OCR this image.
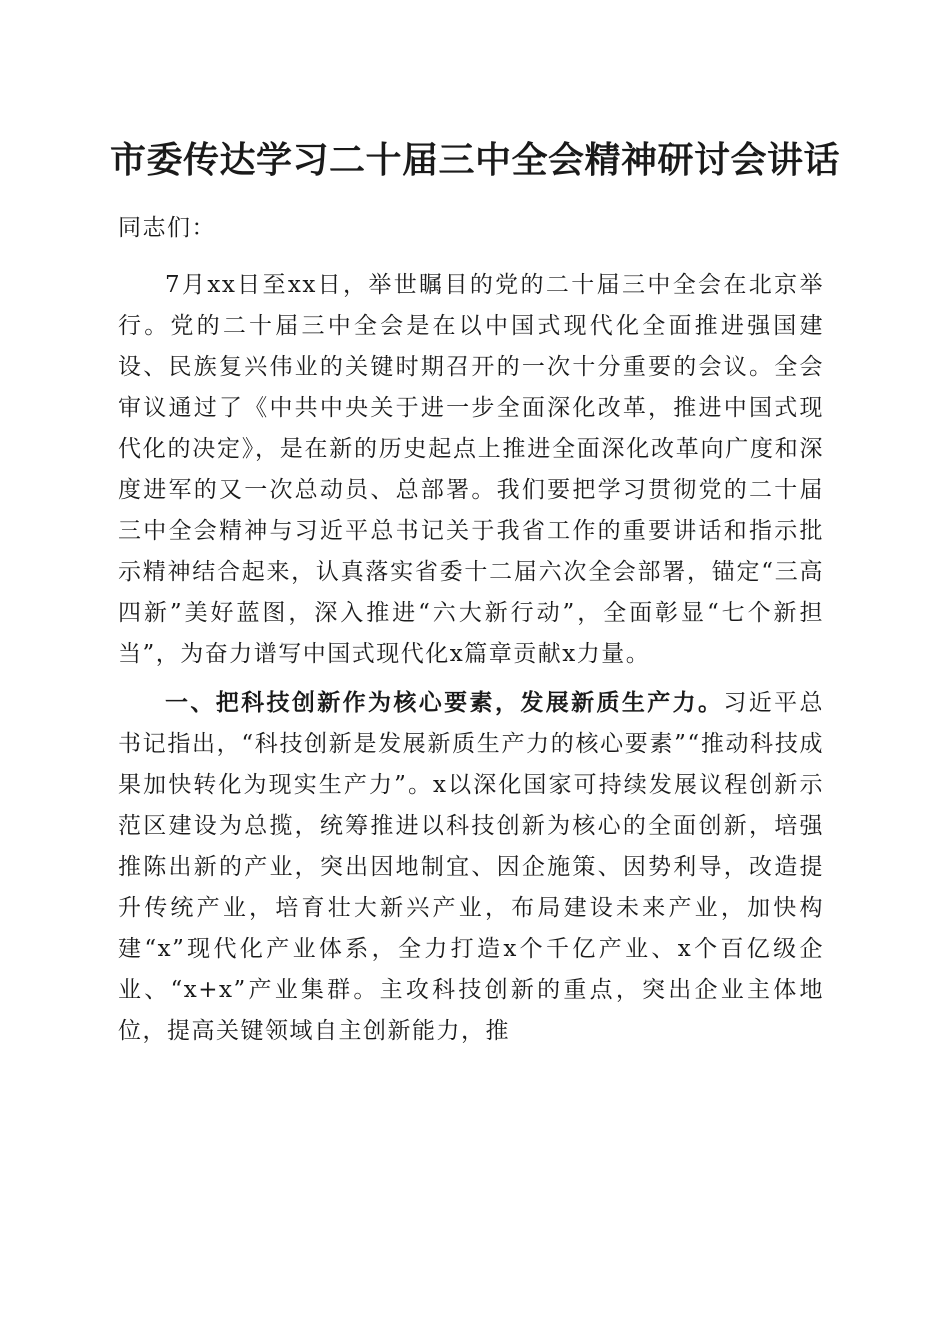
市委传达学习二十届三中全会精神研讨会讲话

同志们：

7月xx日至xx日，举世瞩目的党的二十届三中全会在北京举行。党的二十届三中全会是在以中国式现代化全面推进强国建设、民族复兴伟业的关键时期召开的一次十分重要的会议。全会审议通过了《中共中央关于进一步全面深化改革，推进中国式现代化的决定》，是在新的历史起点上推进全面深化改革向广度和深度进军的又一次总动员、总部署。我们要把学习贯彻党的二十届三中全会精神与习近平总书记关于我省工作的重要讲话和指示批示精神结合起来，认真落实省委十二届六次全会部署，锚定“三高四新”美好蓝图，深入推进“六大新行动”，全面彰显“七个新担当”，为奋力谱写中国式现代化x篇章贡献x力量。

一、把科技创新作为核心要素，发展新质生产力。习近平总书记指出，“科技创新是发展新质生产力的核心要素”“推动科技成果加快转化为现实生产力”。x以深化国家可持续发展议程创新示范区建设为总揽，统筹推进以科技创新为核心的全面创新，培强推陈出新的产业，突出因地制宜、因企施策、因势利导，改造提升传统产业，培育壮大新兴产业，布局建设未来产业，加快构建“x”现代化产业体系，全力打造x个千亿产业、x个百亿级企业、“x+x”产业集群。主攻科技创新的重点，突出企业主体地位，提高关键领域自主创新能力，推
